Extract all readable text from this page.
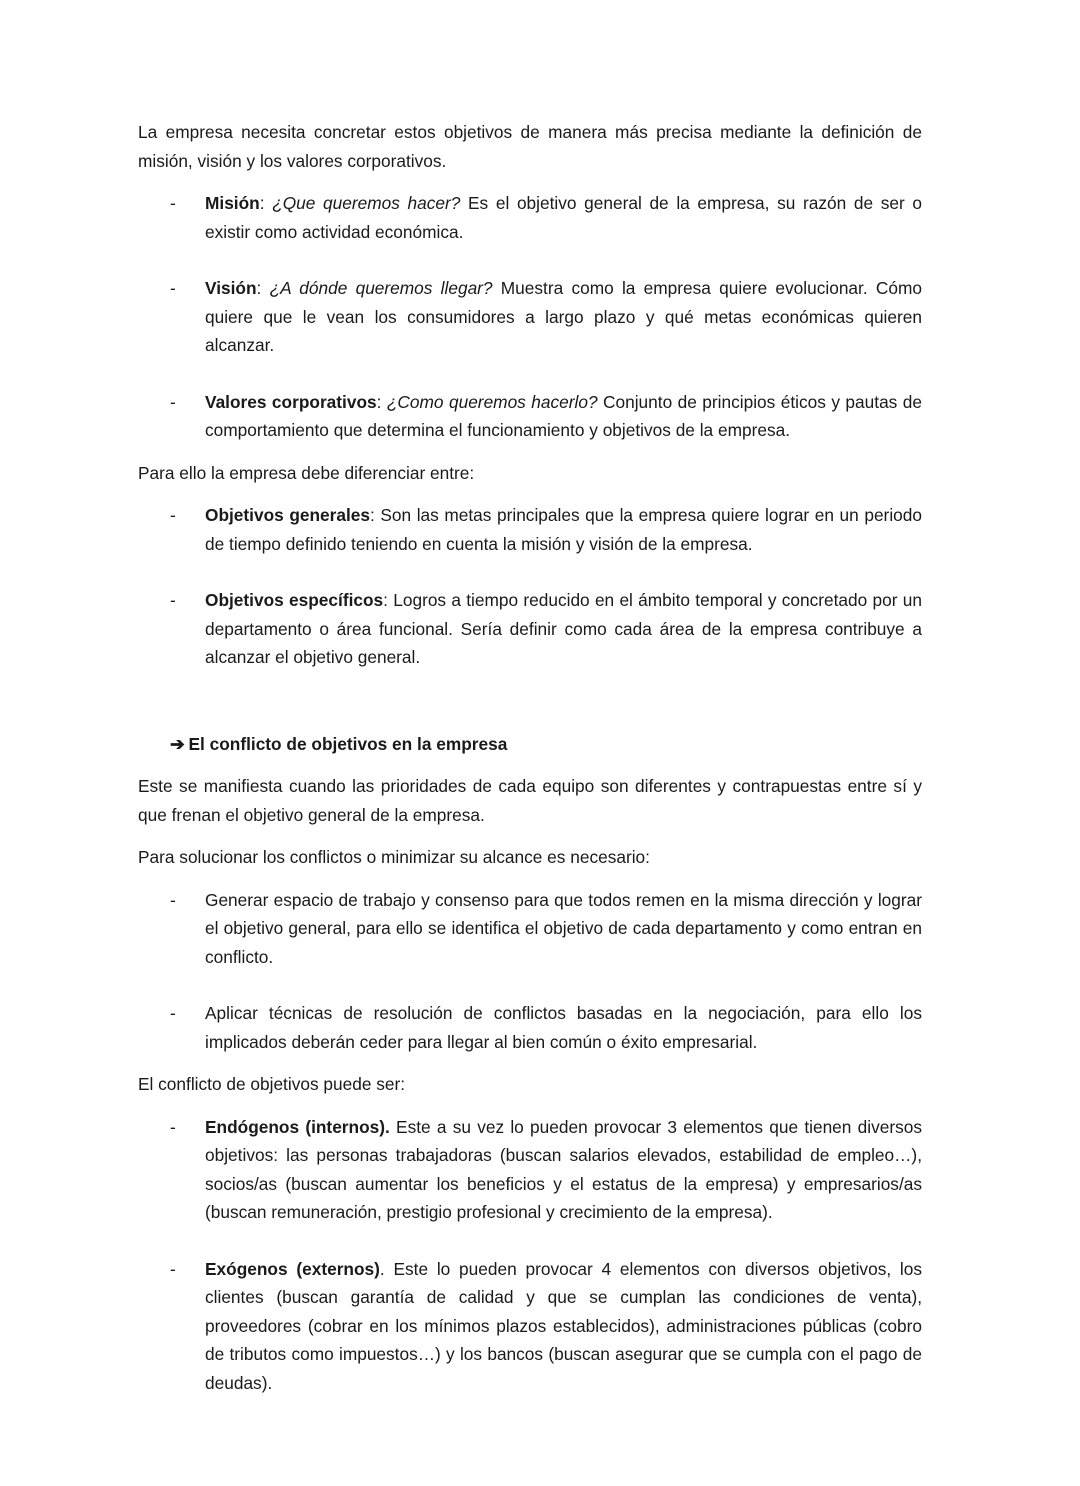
La empresa necesita concretar estos objetivos de manera más precisa mediante la definición de misión, visión y los valores corporativos.

- Misión: ¿Que queremos hacer? Es el objetivo general de la empresa, su razón de ser o existir como actividad económica.
- Visión: ¿A dónde queremos llegar? Muestra como la empresa quiere evolucionar. Cómo quiere que le vean los consumidores a largo plazo y qué metas económicas quieren alcanzar.
- Valores corporativos: ¿Como queremos hacerlo? Conjunto de principios éticos y pautas de comportamiento que determina el funcionamiento y objetivos de la empresa.

Para ello la empresa debe diferenciar entre:

- Objetivos generales: Son las metas principales que la empresa quiere lograr en un periodo de tiempo definido teniendo en cuenta la misión y visión de la empresa.
- Objetivos específicos: Logros a tiempo reducido en el ámbito temporal y concretado por un departamento o área funcional. Sería definir como cada área de la empresa contribuye a alcanzar el objetivo general.
➔ El conflicto de objetivos en la empresa

Este se manifiesta cuando las prioridades de cada equipo son diferentes y contrapuestas entre sí y que frenan el objetivo general de la empresa.

Para solucionar los conflictos o minimizar su alcance es necesario:

- Generar espacio de trabajo y consenso para que todos remen en la misma dirección y lograr el objetivo general, para ello se identifica el objetivo de cada departamento y como entran en conflicto.
- Aplicar técnicas de resolución de conflictos basadas en la negociación, para ello los implicados deberán ceder para llegar al bien común o éxito empresarial.

El conflicto de objetivos puede ser:

- Endógenos (internos). Este a su vez lo pueden provocar 3 elementos que tienen diversos objetivos: las personas trabajadoras (buscan salarios elevados, estabilidad de empleo…), socios/as (buscan aumentar los beneficios y el estatus de la empresa) y empresarios/as (buscan remuneración, prestigio profesional y crecimiento de la empresa).
- Exógenos (externos). Este lo pueden provocar 4 elementos con diversos objetivos, los clientes (buscan garantía de calidad y que se cumplan las condiciones de venta), proveedores (cobrar en los mínimos plazos establecidos), administraciones públicas (cobro de tributos como impuestos…) y los bancos (buscan asegurar que se cumpla con el pago de deudas).
